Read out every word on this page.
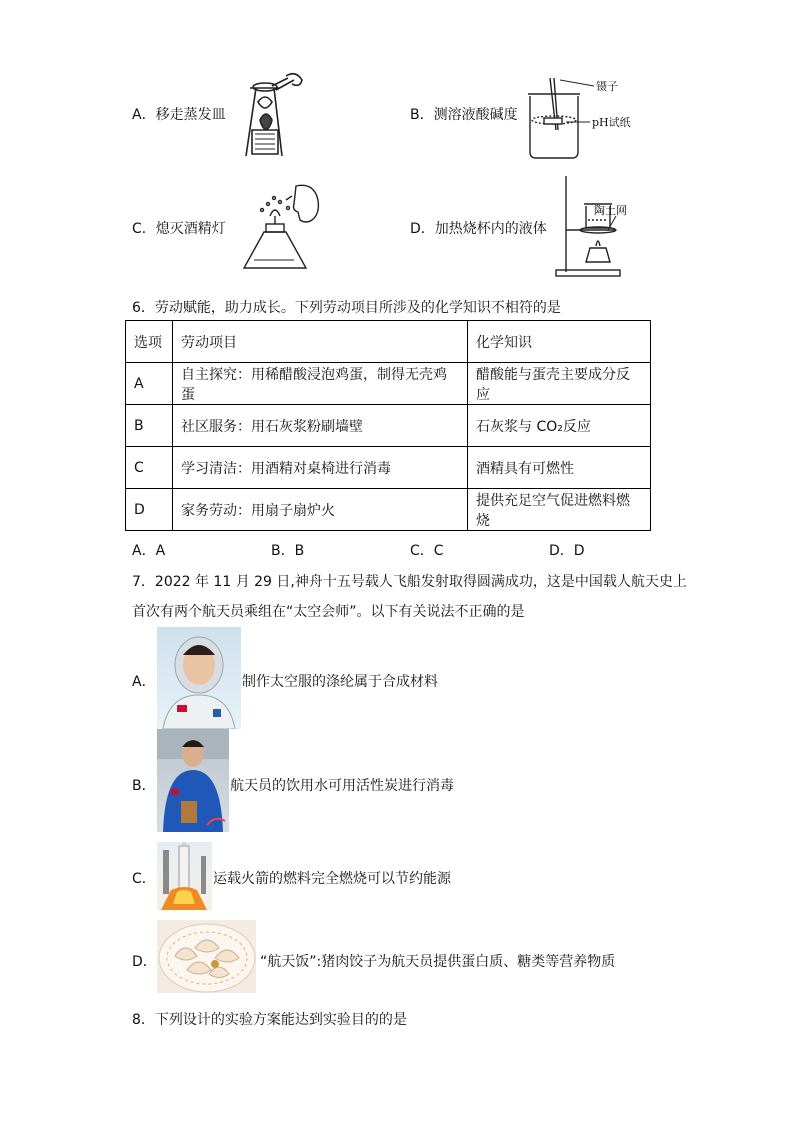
A．移走蒸发皿	B．测溶液酸碱度
镊子
pH试纸
C．熄灭酒精灯	D．加热烧杯内的液体
陶土网
6．劳动赋能，助力成长。下列劳动项目所涉及的化学知识不相符的是
选项	劳动项目	化学知识
A	自主探究：用稀醋酸浸泡鸡蛋，制得无壳鸡蛋	醋酸能与蛋壳主要成分反应
B	社区服务：用石灰浆粉刷墙壁	石灰浆与 CO₂反应
C	学习清洁：用酒精对桌椅进行消毒	酒精具有可燃性
D	家务劳动：用扇子扇炉火	提供充足空气促进燃料燃烧
A．A	B．B	C．C	D．D
7．2022 年 11 月 29 日,神舟十五号载人飞船发射取得圆满成功，这是中国载人航天史上
首次有两个航天员乘组在“太空会师”。以下有关说法不正确的是
A．	制作太空服的涤纶属于合成材料
B．	航天员的饮用水可用活性炭进行消毒
C．	运载火箭的燃料完全燃烧可以节约能源
D．	“航天饭”:猪肉饺子为航天员提供蛋白质、糖类等营养物质
8．下列设计的实验方案能达到实验目的的是
